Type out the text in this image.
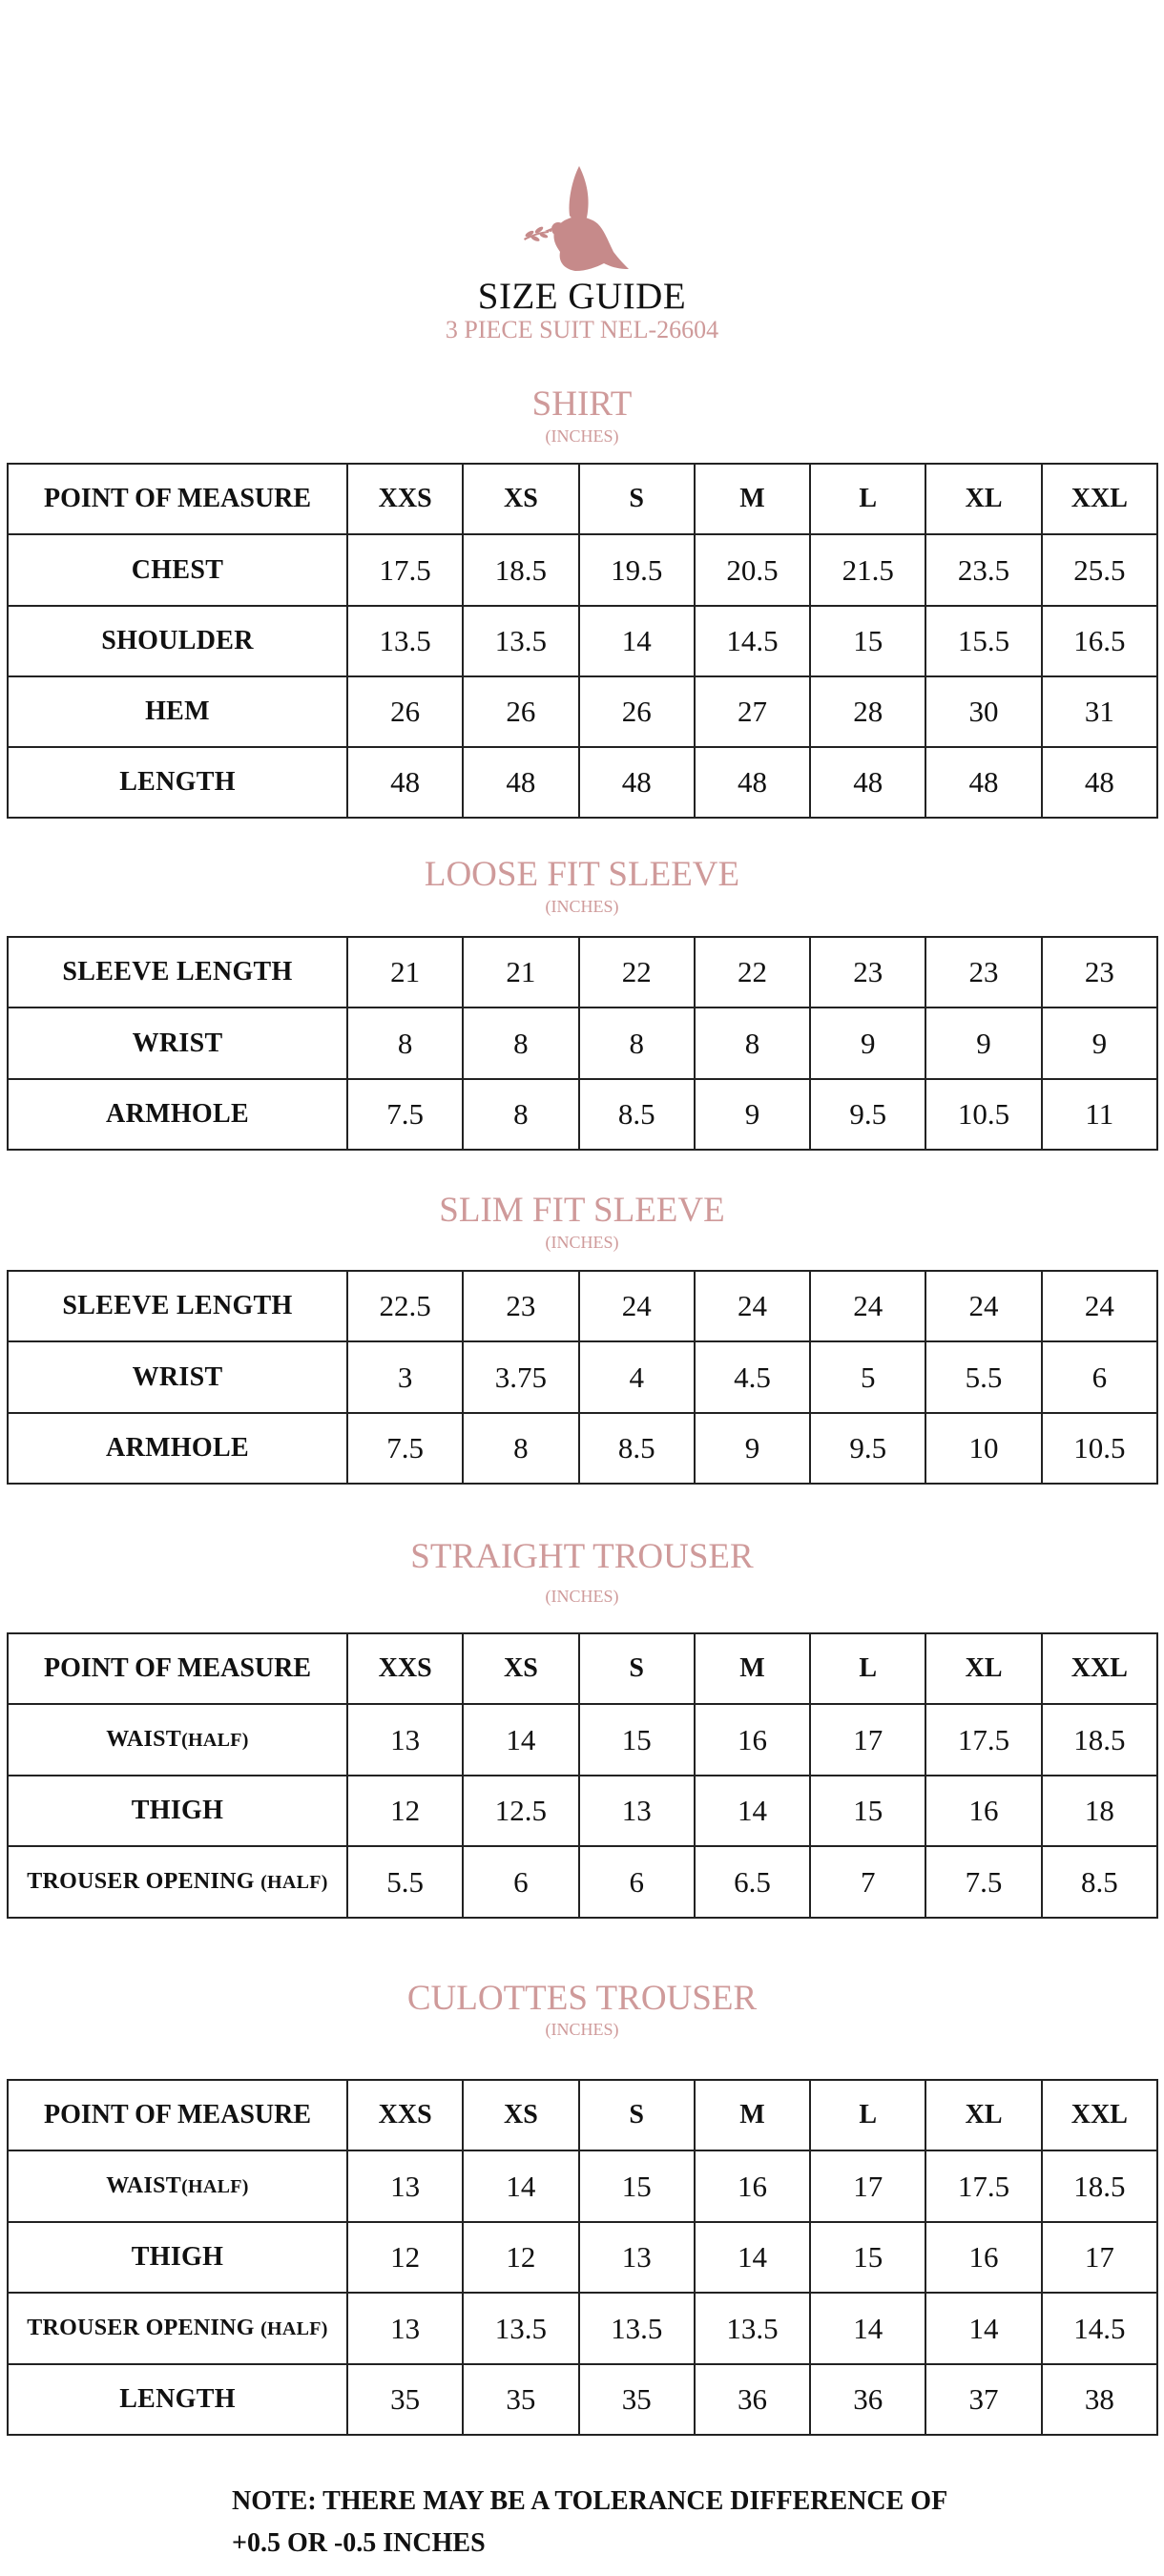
SIZE GUIDE
3 PIECE SUIT NEL-26604
SHIRT
(INCHES)
POINT OF MEASURE	XXS	XS	S	M	L	XL	XXL
CHEST	17.5	18.5	19.5	20.5	21.5	23.5	25.5
SHOULDER	13.5	13.5	14	14.5	15	15.5	16.5
HEM	26	26	26	27	28	30	31
LENGTH	48	48	48	48	48	48	48
LOOSE FIT SLEEVE
(INCHES)
SLEEVE LENGTH	21	21	22	22	23	23	23
WRIST	8	8	8	8	9	9	9
ARMHOLE	7.5	8	8.5	9	9.5	10.5	11
SLIM FIT SLEEVE
(INCHES)
SLEEVE LENGTH	22.5	23	24	24	24	24	24
WRIST	3	3.75	4	4.5	5	5.5	6
ARMHOLE	7.5	8	8.5	9	9.5	10	10.5
STRAIGHT TROUSER
(INCHES)
POINT OF MEASURE	XXS	XS	S	M	L	XL	XXL
WAIST(HALF)	13	14	15	16	17	17.5	18.5
THIGH	12	12.5	13	14	15	16	18
TROUSER OPENING (HALF)	5.5	6	6	6.5	7	7.5	8.5
CULOTTES TROUSER
(INCHES)
POINT OF MEASURE	XXS	XS	S	M	L	XL	XXL
WAIST(HALF)	13	14	15	16	17	17.5	18.5
THIGH	12	12	13	14	15	16	17
TROUSER OPENING (HALF)	13	13.5	13.5	13.5	14	14	14.5
LENGTH	35	35	35	36	36	37	38
NOTE: THERE MAY BE A TOLERANCE DIFFERENCE OF
+0.5 OR -0.5 INCHES
